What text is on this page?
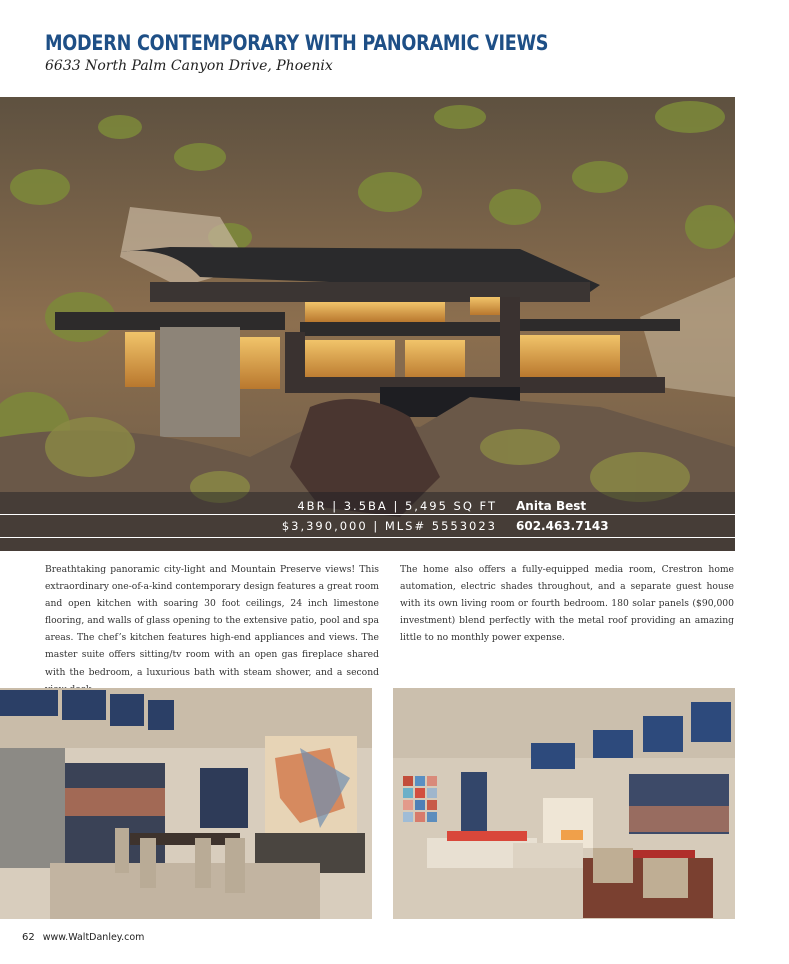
MODERN CONTEMPORARY WITH PANORAMIC VIEWS
6633 North Palm Canyon Drive, Phoenix
4BR | 3.5BA | 5,495 SQ FT Anita Best
$3,390,000 | MLS# 5553023 602.463.7143
Breathtaking panoramic city-light and Mountain Preserve views! This extraordinary one-of-a-kind contemporary design features a great room and open kitchen with soaring 30 foot ceilings, 24 inch limestone flooring, and walls of glass opening to the extensive patio, pool and spa areas. The chef’s kitchen features high-end appliances and views. The master suite offers sitting/tv room with an open gas fireplace shared with the bedroom, a luxurious bath with steam shower, and a second
The home also offers a fully-equipped media room, Crestron home automation, electric shades throughout, and a separate guest house with its own living room or fourth bedroom. 180 solar panels ($90,000 investment) blend perfectly with the metal roof providing an amazing little to no monthly power expense.
62 www.WaltDanley.com
